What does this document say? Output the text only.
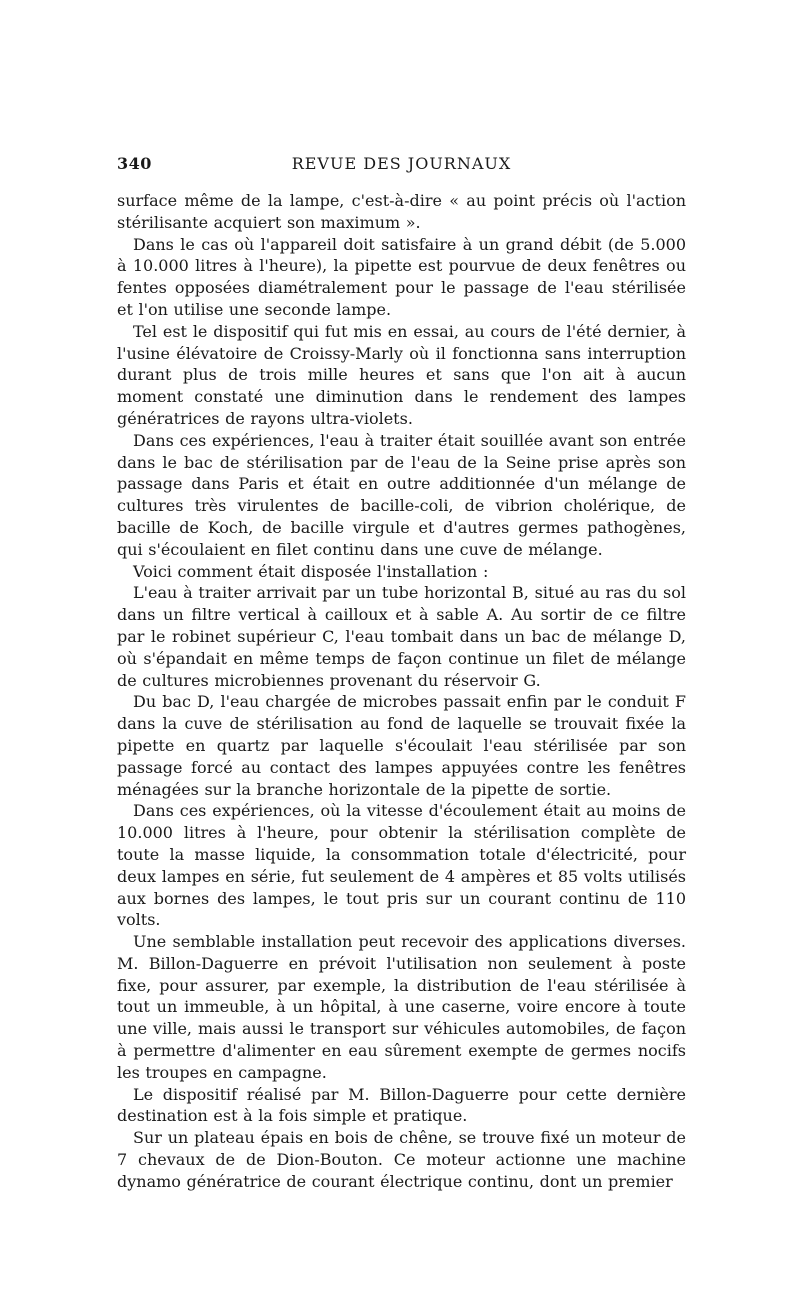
340	REVUE DES JOURNAUX

surface même de la lampe, c'est-à-dire « au point précis où l'action stérilisante acquiert son maximum ».

Dans le cas où l'appareil doit satisfaire à un grand débit (de 5.000 à 10.000 litres à l'heure), la pipette est pourvue de deux fenêtres ou fentes opposées diamétralement pour le passage de l'eau stérilisée et l'on utilise une seconde lampe.

Tel est le dispositif qui fut mis en essai, au cours de l'été dernier, à l'usine élévatoire de Croissy-Marly où il fonctionna sans interruption durant plus de trois mille heures et sans que l'on ait à aucun moment constaté une diminution dans le rendement des lampes génératrices de rayons ultra-violets.

Dans ces expériences, l'eau à traiter était souillée avant son entrée dans le bac de stérilisation par de l'eau de la Seine prise après son passage dans Paris et était en outre additionnée d'un mélange de cultures très virulentes de bacille-coli, de vibrion cholérique, de bacille de Koch, de bacille virgule et d'autres germes pathogènes, qui s'écoulaient en filet continu dans une cuve de mélange.

Voici comment était disposée l'installation :

L'eau à traiter arrivait par un tube horizontal B, situé au ras du sol dans un filtre vertical à cailloux et à sable A. Au sortir de ce filtre par le robinet supérieur C, l'eau tombait dans un bac de mélange D, où s'épandait en même temps de façon continue un filet de mélange de cultures microbiennes provenant du réservoir G.

Du bac D, l'eau chargée de microbes passait enfin par le conduit F dans la cuve de stérilisation au fond de laquelle se trouvait fixée la pipette en quartz par laquelle s'écoulait l'eau stérilisée par son passage forcé au contact des lampes appuyées contre les fenêtres ménagées sur la branche horizontale de la pipette de sortie.

Dans ces expériences, où la vitesse d'écoulement était au moins de 10.000 litres à l'heure, pour obtenir la stérilisation complète de toute la masse liquide, la consommation totale d'électricité, pour deux lampes en série, fut seulement de 4 ampères et 85 volts utilisés aux bornes des lampes, le tout pris sur un courant continu de 110 volts.

Une semblable installation peut recevoir des applications diverses. M. Billon-Daguerre en prévoit l'utilisation non seulement à poste fixe, pour assurer, par exemple, la distribution de l'eau stérilisée à tout un immeuble, à un hôpital, à une caserne, voire encore à toute une ville, mais aussi le transport sur véhicules automobiles, de façon à permettre d'alimenter en eau sûrement exempte de germes nocifs les troupes en campagne.

Le dispositif réalisé par M. Billon-Daguerre pour cette dernière destination est à la fois simple et pratique.

Sur un plateau épais en bois de chêne, se trouve fixé un moteur de 7 chevaux de de Dion-Bouton. Ce moteur actionne une machine dynamo génératrice de courant électrique continu, dont un premier
